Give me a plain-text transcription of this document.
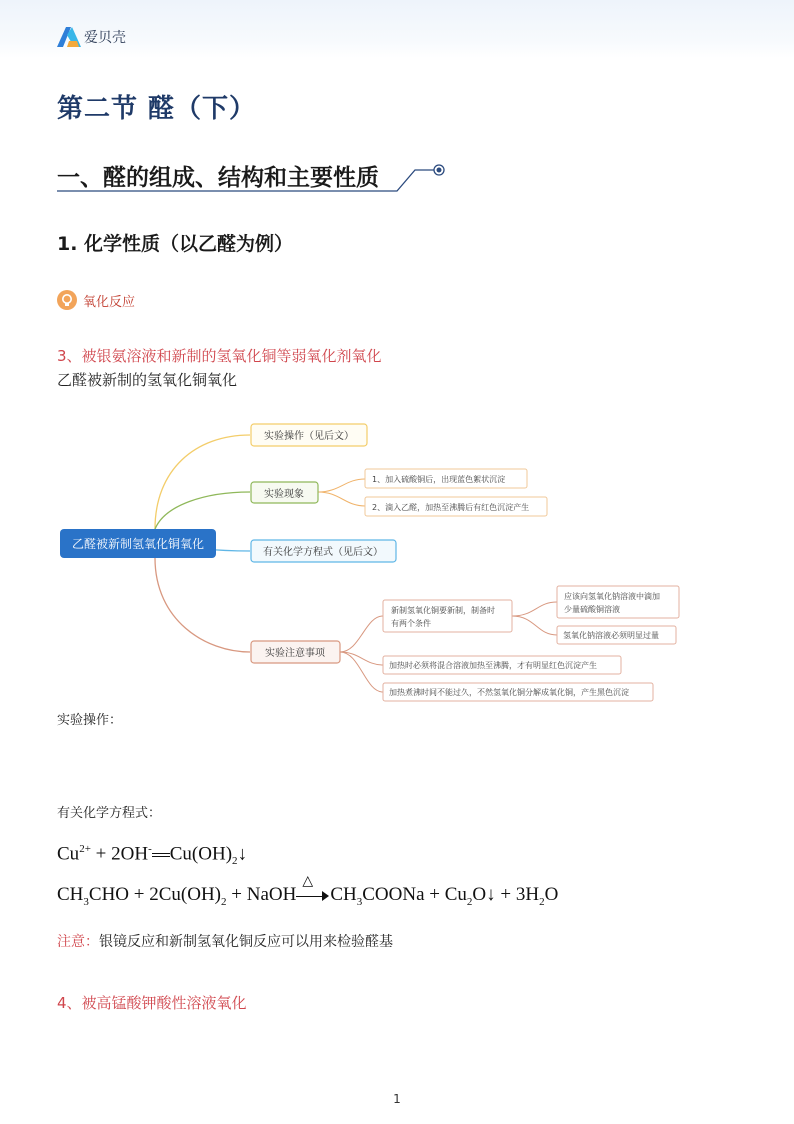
爱贝壳
第二节 醛（下）
一、醛的组成、结构和主要性质
1. 化学性质（以乙醛为例）
氧化反应
3、被银氨溶液和新制的氢氧化铜等弱氧化剂氧化
乙醛被新制的氢氧化铜氧化
乙醛被新制氢氧化铜氧化
实验操作（见后文）
实验现象
1、加入硫酸铜后，出现蓝色絮状沉淀
2、滴入乙醛，加热至沸腾后有红色沉淀产生
有关化学方程式（见后文）
实验注意事项
新制氢氧化铜要新制，制备时 有两个条件
加热时必须将混合溶液加热至沸腾，才有明显红色沉淀产生
加热煮沸时间不能过久，不然氢氧化铜分解成氧化铜，产生黑色沉淀
应该向氢氧化钠溶液中滴加 少量硫酸铜溶液
氢氧化钠溶液必须明显过量
实验操作：
有关化学方程式：
$Cu^{2+} + 2OH^-$ $Cu(OH)_2↓$
$CH_3CHO + 2Cu(OH)_2$ + NaOH
△
$CH_3COONa$ + $Cu_2O↓ + 3H_2O$
注意：银镜反应和新制氢氧化铜反应可以用来检验醛基
4、被高锰酸钾酸性溶液氧化
1
